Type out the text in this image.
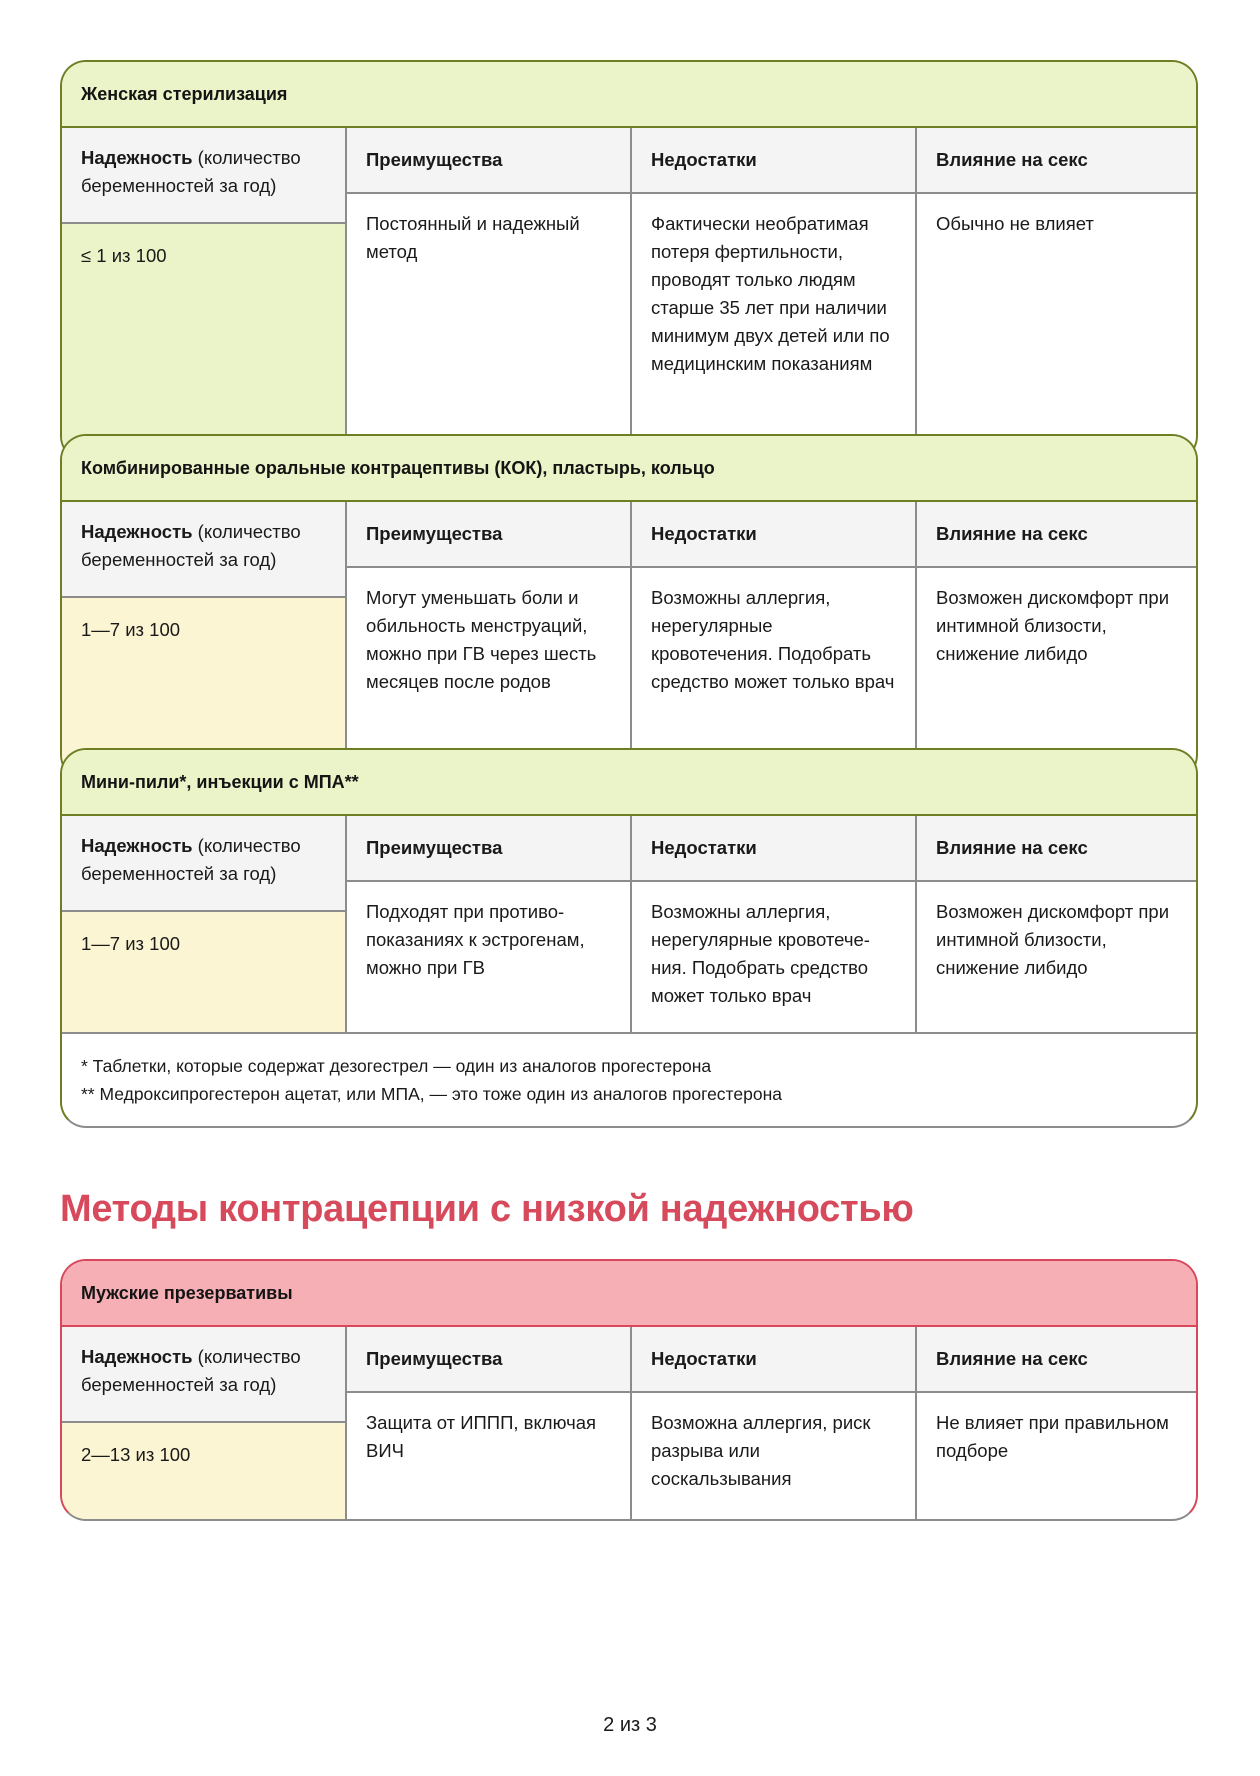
Женская стерилизация
Надежность (количество беременностей за год)
≤ 1 из 100
Преимущества
Постоянный и надежный метод
Недостатки
Фактически необратимая потеря фертильности, проводят только людям старше 35 лет при наличии минимум двух детей или по медицинским показаниям
Влияние на секс
Обычно не влияет
Комбинированные оральные контрацептивы (КОК), пластырь, кольцо
Надежность (количество беременностей за год)
1—7 из 100
Преимущества
Могут уменьшать боли и обильность менструаций, можно при ГВ через шесть месяцев после родов
Недостатки
Возможны аллергия, нерегулярные кровотечения. Подобрать средство может только врач
Влияние на секс
Возможен дискомфорт при интимной близости, снижение либидо
Мини-пили*, инъекции с МПА**
Надежность (количество беременностей за год)
1—7 из 100
Преимущества
Подходят при противопоказаниях к эстрогенам, можно при ГВ
Недостатки
Возможны аллергия, нерегулярные кровотечения. Подобрать средство может только врач
Влияние на секс
Возможен дискомфорт при интимной близости, снижение либидо
* Таблетки, которые содержат дезогестрел — один из аналогов прогестерона
** Медроксипрогестерон ацетат, или МПА, — это тоже один из аналогов прогестерона
Методы контрацепции с низкой надежностью
Мужские презервативы
Надежность (количество беременностей за год)
2—13 из 100
Преимущества
Защита от ИППП, включая ВИЧ
Недостатки
Возможна аллергия, риск разрыва или соскальзывания
Влияние на секс
Не влияет при правильном подборе
2 из 3
